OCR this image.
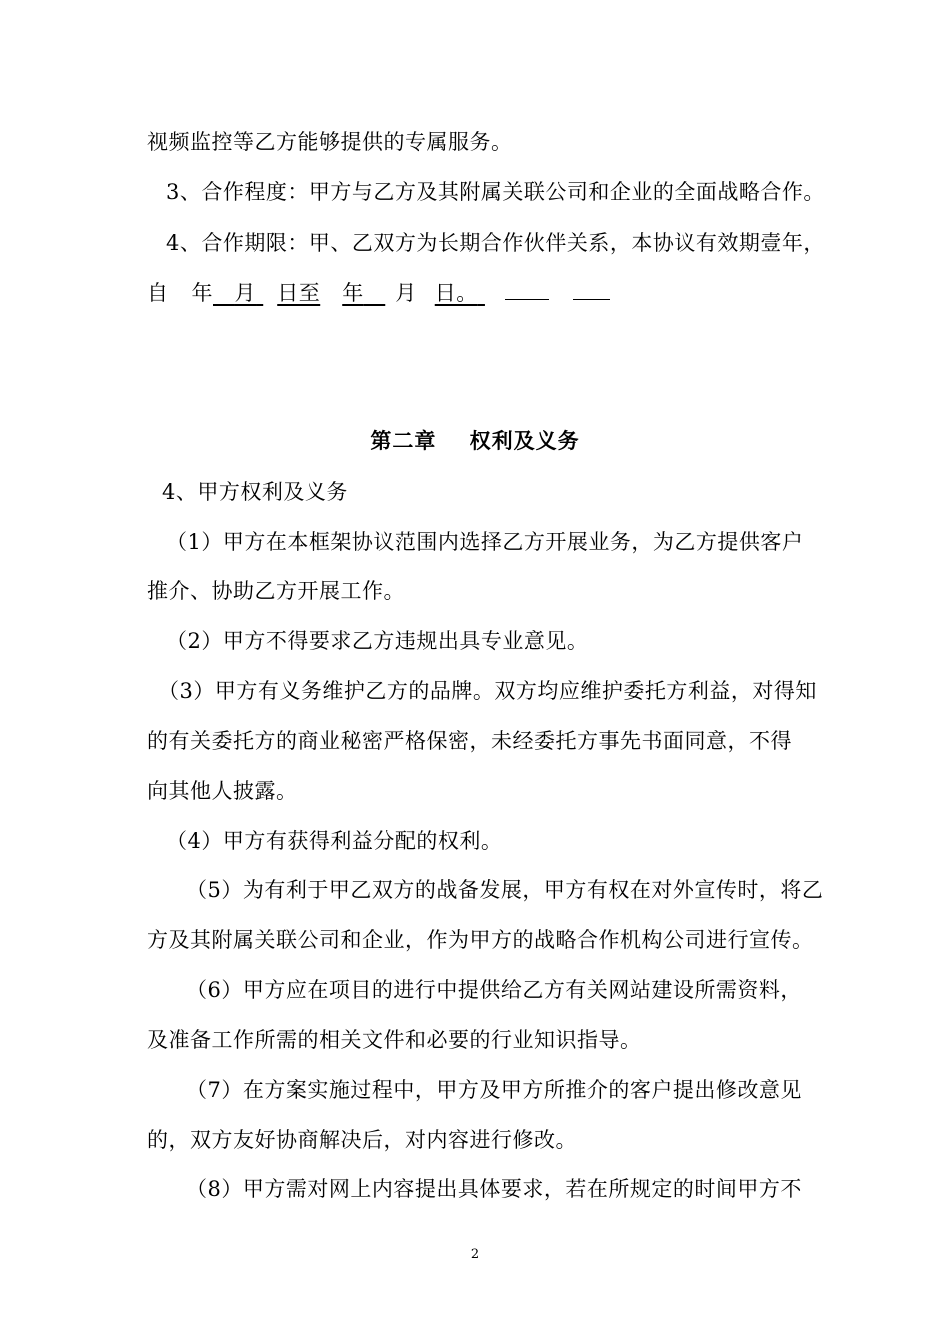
视频监控等乙方能够提供的专属服务。
3、合作程度：甲方与乙方及其附属关联公司和企业的全面战略合作。
4、合作期限：甲、乙双方为长期合作伙伴关系，本协议有效期壹年，
自 年 月 日至 年 月 日。
第二章    权利及义务
4、甲方权利及义务
（1）甲方在本框架协议范围内选择乙方开展业务，为乙方提供客户
推介、协助乙方开展工作。
（2）甲方不得要求乙方违规出具专业意见。
（3）甲方有义务维护乙方的品牌。双方均应维护委托方利益，对得知
的有关委托方的商业秘密严格保密，未经委托方事先书面同意，不得
向其他人披露。
（4）甲方有获得利益分配的权利。
（5）为有利于甲乙双方的战备发展，甲方有权在对外宣传时，将乙
方及其附属关联公司和企业，作为甲方的战略合作机构公司进行宣传。
（6）甲方应在项目的进行中提供给乙方有关网站建设所需资料，
及准备工作所需的相关文件和必要的行业知识指导。
（7）在方案实施过程中，甲方及甲方所推介的客户提出修改意见
的，双方友好协商解决后，对内容进行修改。
（8）甲方需对网上内容提出具体要求，若在所规定的时间甲方不
2
